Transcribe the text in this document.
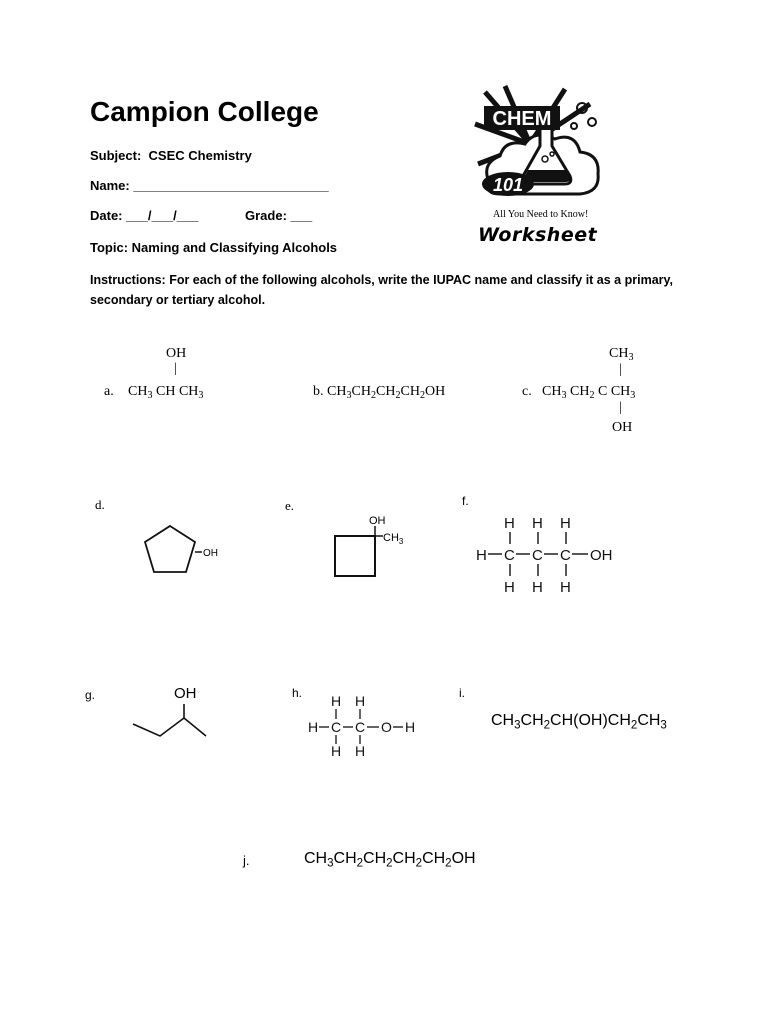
Campion College
Subject: CSEC Chemistry
Name: ___________________________
Date: ___/___/___	Grade: ___
Topic: Naming and Classifying Alcohols
Instructions: For each of the following alcohols, write the IUPAC name and classify it as a primary,
secondary or tertiary alcohol.
CHEM
101
All You Need to Know!
Worksheet
OH
|
a. $CH_3$ CH $CH_3$	b. $CH_3CH_2CH_2CH_2OH$
$CH_3$
|
c. $CH_3$ $CH_2$ C $CH_3$
|
OH
d.
OH
e.
OH
$CH_3$
f.
H H H
H C C C OH
H H H
g.	OH	h. H H
H C C O H
H H
i.
$CH_3CH_2CH(OH)CH_2CH_3$
j.	$CH_3CH_2CH_2CH_2CH_2OH$
